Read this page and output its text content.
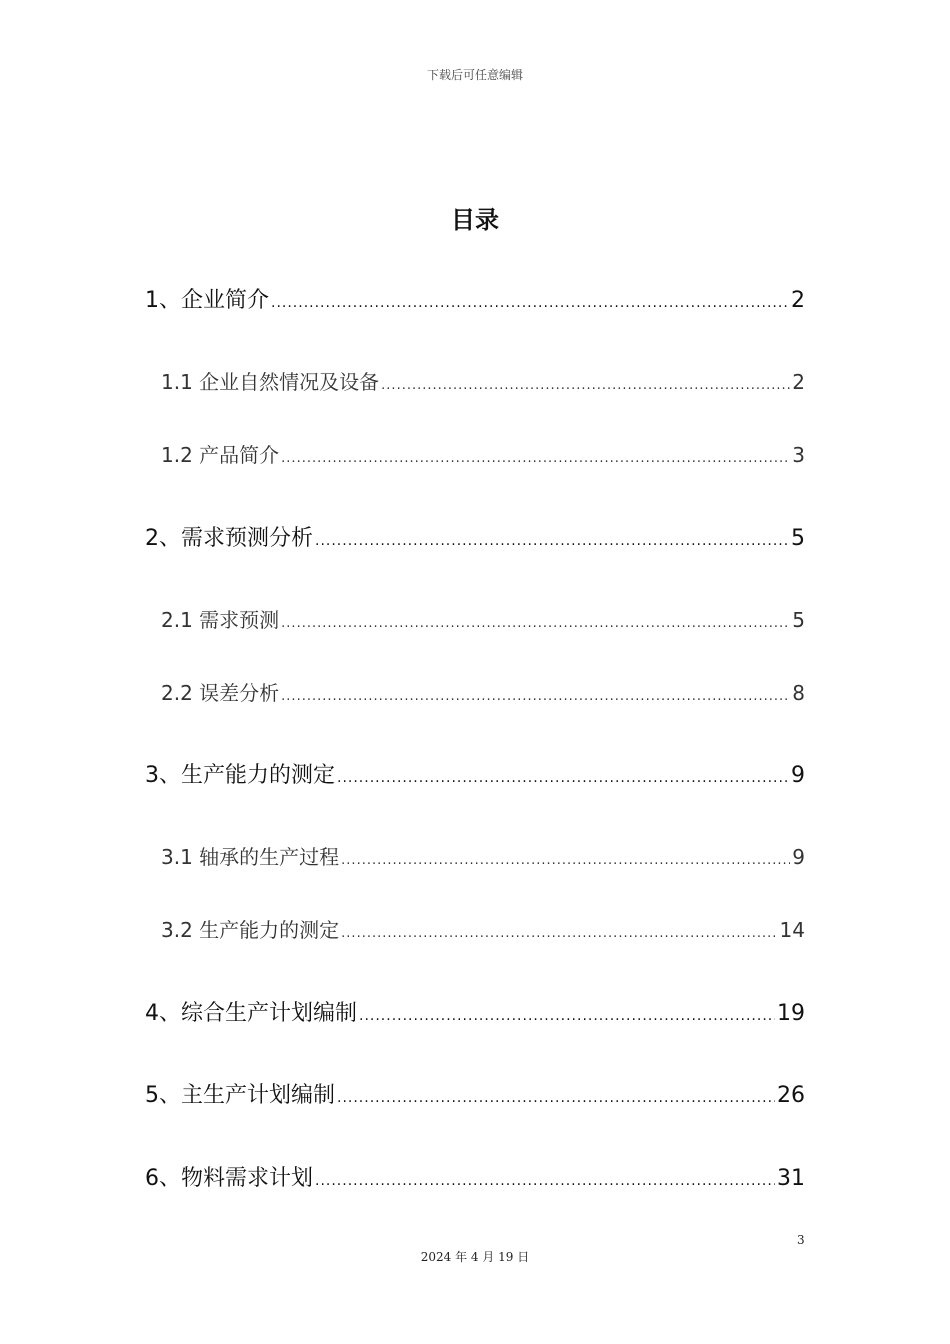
下载后可任意编辑
目录
1、企业简介 .....	2
1.1 企业自然情况及设备 .....	2
1.2 产品简介 .....	3
2、需求预测分析 .....	5
2.1 需求预测 .....	5
2.2 误差分析 .....	8
3、生产能力的测定 .....	9
3.1 轴承的生产过程 .....	9
3.2 生产能力的测定 .....	14
4、综合生产计划编制 .....	19
5、主生产计划编制 .....	26
6、物料需求计划 .....	31
3
2024 年 4 月 19 日
